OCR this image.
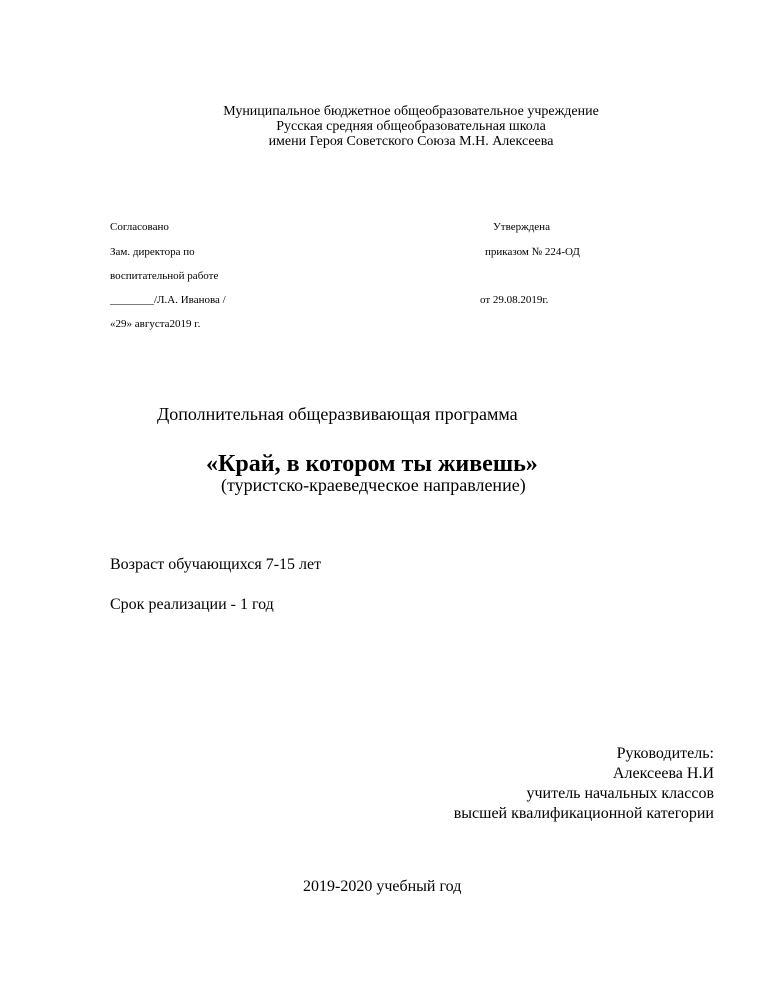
Муниципальное бюджетное общеобразовательное учреждение
Русская средняя общеобразовательная школа
имени Героя Советского Союза М.Н. Алексеева
Согласовано
Зам. директора по
воспитательной работе
________/Л.А. Иванова /
«29» августа2019 г.
Утверждена
приказом № 224-ОД
от 29.08.2019г.
Дополнительная общеразвивающая программа
«Край, в котором ты живешь»
(туристско-краеведческое направление)
Возраст обучающихся 7-15 лет
Срок реализации - 1 год
Руководитель:
Алексеева Н.И
учитель начальных классов
высшей квалификационной категории
2019-2020 учебный год
